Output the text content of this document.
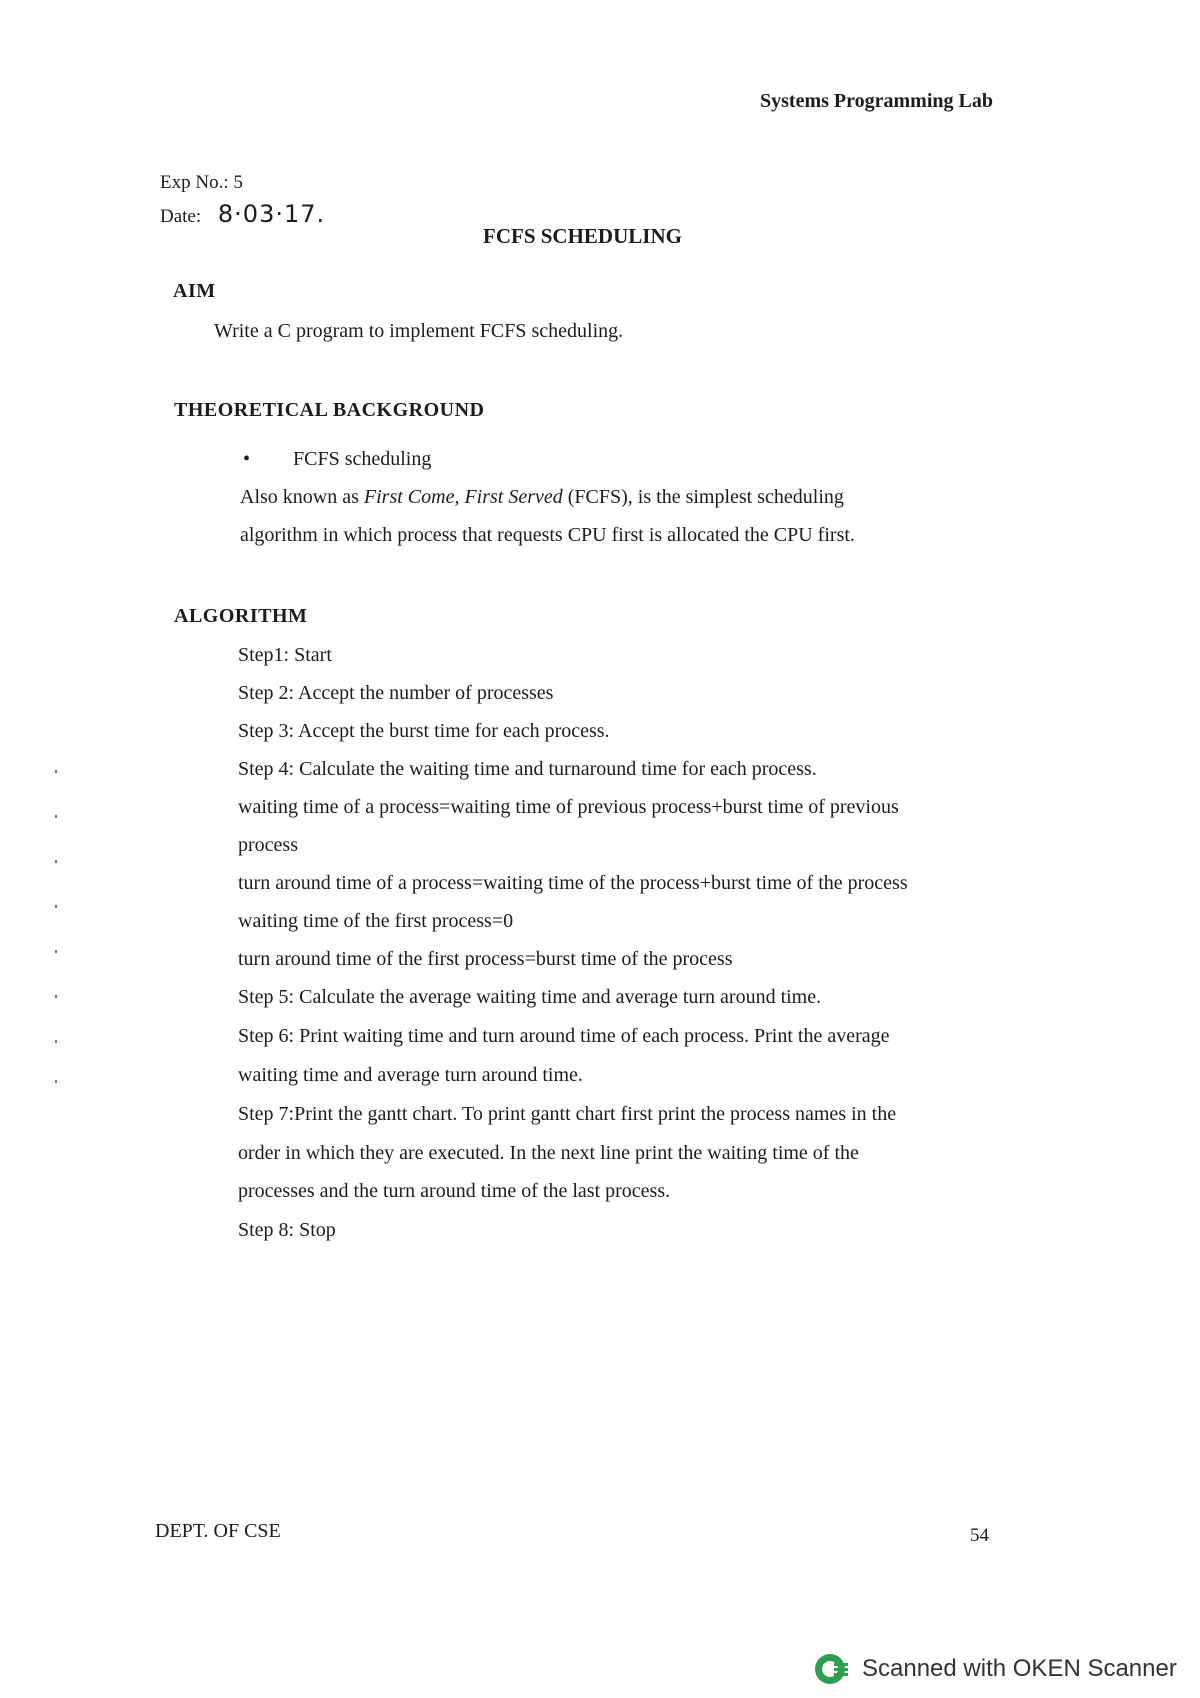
Systems Programming Lab
Exp No.: 5
Date: 8·03·17.
FCFS SCHEDULING
AIM
Write a C program to implement FCFS scheduling.
THEORETICAL BACKGROUND
• FCFS scheduling
Also known as First Come, First Served (FCFS), is the simplest scheduling
algorithm in which process that requests CPU first is allocated the CPU first.
ALGORITHM
Step1: Start
Step 2: Accept the number of processes
Step 3: Accept the burst time for each process.
Step 4: Calculate the waiting time and turnaround time for each process.
waiting time of a process=waiting time of previous process+burst time of previous
process
turn around time of a process=waiting time of the process+burst time of the process
waiting time of the first process=0
turn around time of the first process=burst time of the process
Step 5: Calculate the average waiting time and average turn around time.
Step 6: Print waiting time and turn around time of each process. Print the average
waiting time and average turn around time.
Step 7:Print the gantt chart. To print gantt chart first print the process names in the
order in which they are executed. In the next line print the waiting time of the
processes and the turn around time of the last process.
Step 8: Stop
DEPT. OF CSE	54
Scanned with OKEN Scanner
